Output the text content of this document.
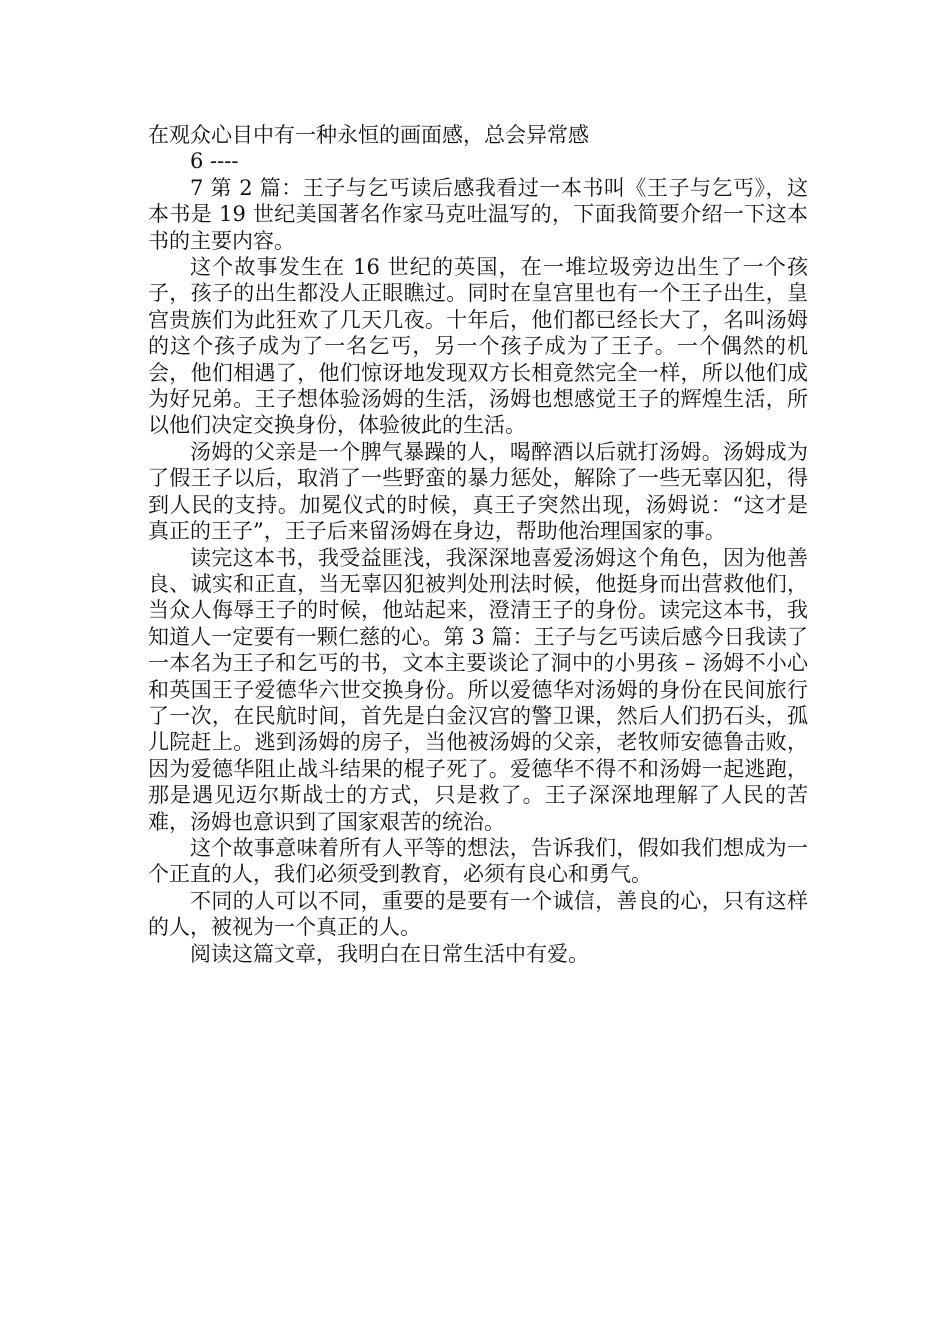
在观众心目中有一种永恒的画面感，总会异常感

6 ----

7 第 2 篇：王子与乞丐读后感我看过一本书叫《王子与乞丐》，这本书是 19 世纪美国著名作家马克吐温写的，下面我简要介绍一下这本书的主要内容。

这个故事发生在 16 世纪的英国，在一堆垃圾旁边出生了一个孩子，孩子的出生都没人正眼瞧过。同时在皇宫里也有一个王子出生，皇宫贵族们为此狂欢了几天几夜。十年后，他们都已经长大了，名叫汤姆的这个孩子成为了一名乞丐，另一个孩子成为了王子。一个偶然的机会，他们相遇了，他们惊讶地发现双方长相竟然完全一样，所以他们成为好兄弟。王子想体验汤姆的生活，汤姆也想感觉王子的辉煌生活，所以他们决定交换身份，体验彼此的生活。

汤姆的父亲是一个脾气暴躁的人，喝醉酒以后就打汤姆。汤姆成为了假王子以后，取消了一些野蛮的暴力惩处，解除了一些无辜囚犯，得到人民的支持。加冕仪式的时候，真王子突然出现，汤姆说：“这才是真正的王子”，王子后来留汤姆在身边，帮助他治理国家的事。

读完这本书，我受益匪浅，我深深地喜爱汤姆这个角色，因为他善良、诚实和正直，当无辜囚犯被判处刑法时候，他挺身而出营救他们，当众人侮辱王子的时候，他站起来，澄清王子的身份。读完这本书，我知道人一定要有一颗仁慈的心。第 3 篇：王子与乞丐读后感今日我读了一本名为王子和乞丐的书，文本主要谈论了洞中的小男孩 – 汤姆不小心和英国王子爱德华六世交换身份。所以爱德华对汤姆的身份在民间旅行了一次，在民航时间，首先是白金汉宫的警卫课，然后人们扔石头，孤儿院赶上。逃到汤姆的房子，当他被汤姆的父亲，老牧师安德鲁击败，因为爱德华阻止战斗结果的棍子死了。爱德华不得不和汤姆一起逃跑，那是遇见迈尔斯战士的方式，只是救了。王子深深地理解了人民的苦难，汤姆也意识到了国家艰苦的统治。

这个故事意味着所有人平等的想法，告诉我们，假如我们想成为一个正直的人，我们必须受到教育，必须有良心和勇气。

不同的人可以不同，重要的是要有一个诚信，善良的心，只有这样的人，被视为一个真正的人。

阅读这篇文章，我明白在日常生活中有爱。
